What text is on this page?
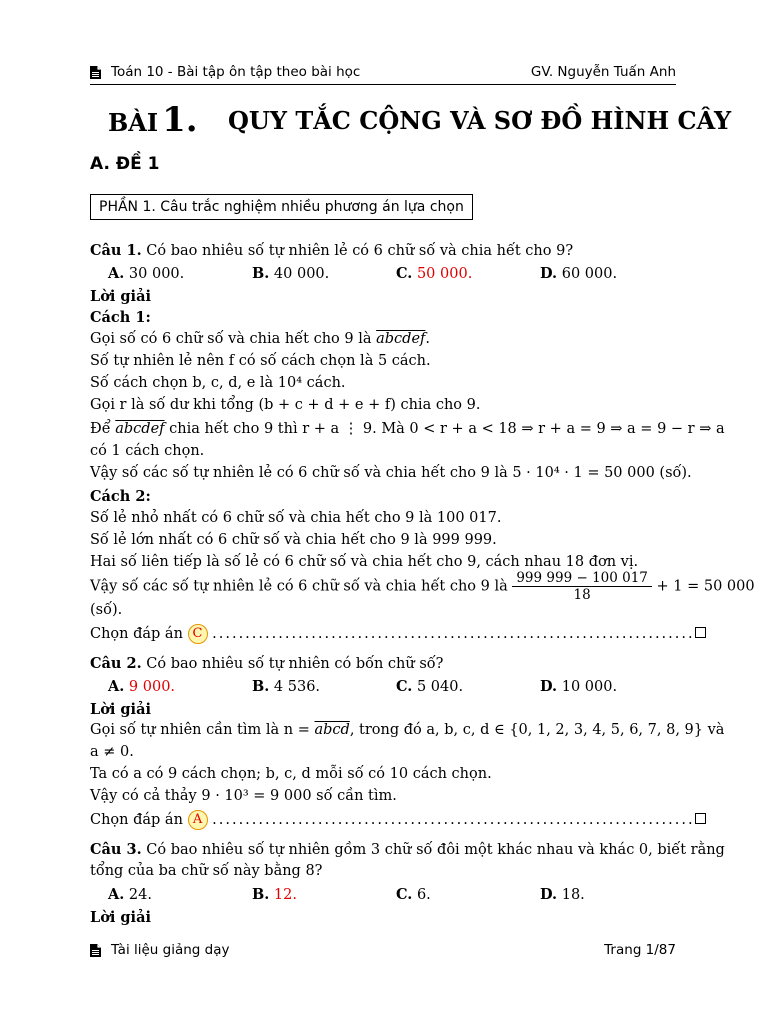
Toán 10 - Bài tập ôn tập theo bài học	GV. Nguyễn Tuấn Anh
BÀI 1. QUY TẮC CỘNG VÀ SƠ ĐỒ HÌNH CÂY
A. ĐỀ 1
PHẦN 1. Câu trắc nghiệm nhiều phương án lựa chọn
Câu 1. Có bao nhiêu số tự nhiên lẻ có 6 chữ số và chia hết cho 9?
A. 30 000.	B. 40 000.	C. 50 000.	D. 60 000.
Lời giải
Cách 1:
Gọi số có 6 chữ số và chia hết cho 9 là abcdef.
Số tự nhiên lẻ nên f có số cách chọn là 5 cách.
Số cách chọn b, c, d, e là 10⁴ cách.
Gọi r là số dư khi tổng (b + c + d + e + f) chia cho 9.
Để abcdef chia hết cho 9 thì r + a ⋮ 9. Mà 0 < r + a < 18 ⇒ r + a = 9 ⇒ a = 9 − r ⇒ a
có 1 cách chọn.
Vậy số các số tự nhiên lẻ có 6 chữ số và chia hết cho 9 là 5 · 10⁴ · 1 = 50 000 (số).
Cách 2:
Số lẻ nhỏ nhất có 6 chữ số và chia hết cho 9 là 100 017.
Số lẻ lớn nhất có 6 chữ số và chia hết cho 9 là 999 999.
Hai số liên tiếp là số lẻ có 6 chữ số và chia hết cho 9, cách nhau 18 đơn vị.
Vậy số các số tự nhiên lẻ có 6 chữ số và chia hết cho 9 là $\frac{999 999 - 100 017}{18} + 1 = 50$ 000
(số).
Chọn đáp án C .........................................................................
Câu 2. Có bao nhiêu số tự nhiên có bốn chữ số?
A. 9 000.	B. 4 536.	C. 5 040.	D. 10 000.
Lời giải
Gọi số tự nhiên cần tìm là n = abcd, trong đó a, b, c, d ∈ {0, 1, 2, 3, 4, 5, 6, 7, 8, 9} và
a ≠ 0.
Ta có a có 9 cách chọn; b, c, d mỗi số có 10 cách chọn.
Vậy có cả thảy 9 · 10³ = 9 000 số cần tìm.
Chọn đáp án A .........................................................................
Câu 3. Có bao nhiêu số tự nhiên gồm 3 chữ số đôi một khác nhau và khác 0, biết rằng
tổng của ba chữ số này bằng 8?
A. 24.	B. 12.	C. 6.	D. 18.
Lời giải
Tài liệu giảng dạy	Trang 1/87
